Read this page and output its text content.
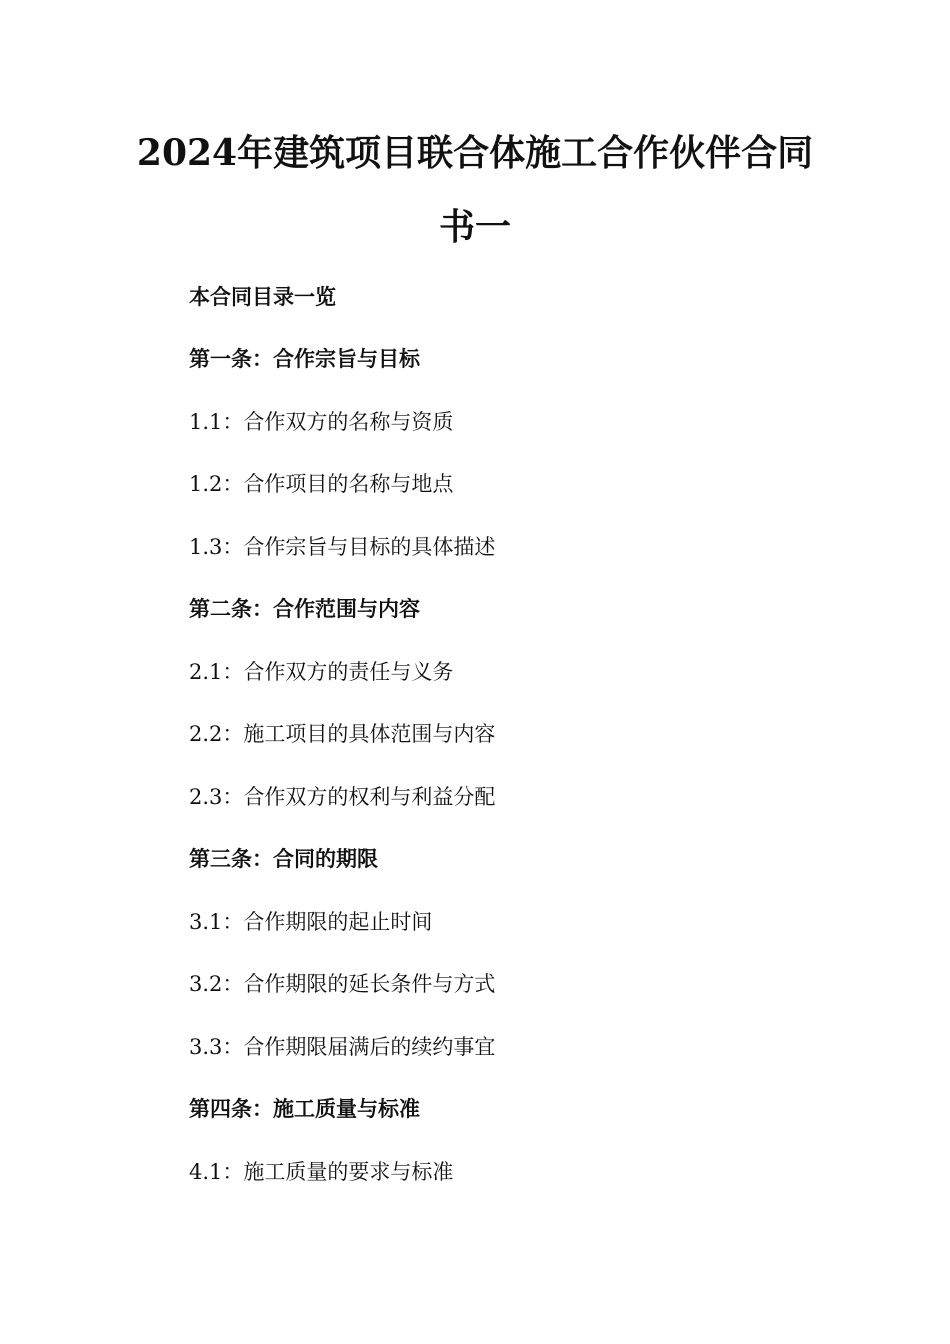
2024年建筑项目联合体施工合作伙伴合同
书一
本合同目录一览
第一条：合作宗旨与目标
1.1：合作双方的名称与资质
1.2：合作项目的名称与地点
1.3：合作宗旨与目标的具体描述
第二条：合作范围与内容
2.1：合作双方的责任与义务
2.2：施工项目的具体范围与内容
2.3：合作双方的权利与利益分配
第三条：合同的期限
3.1：合作期限的起止时间
3.2：合作期限的延长条件与方式
3.3：合作期限届满后的续约事宜
第四条：施工质量与标准
4.1：施工质量的要求与标准
